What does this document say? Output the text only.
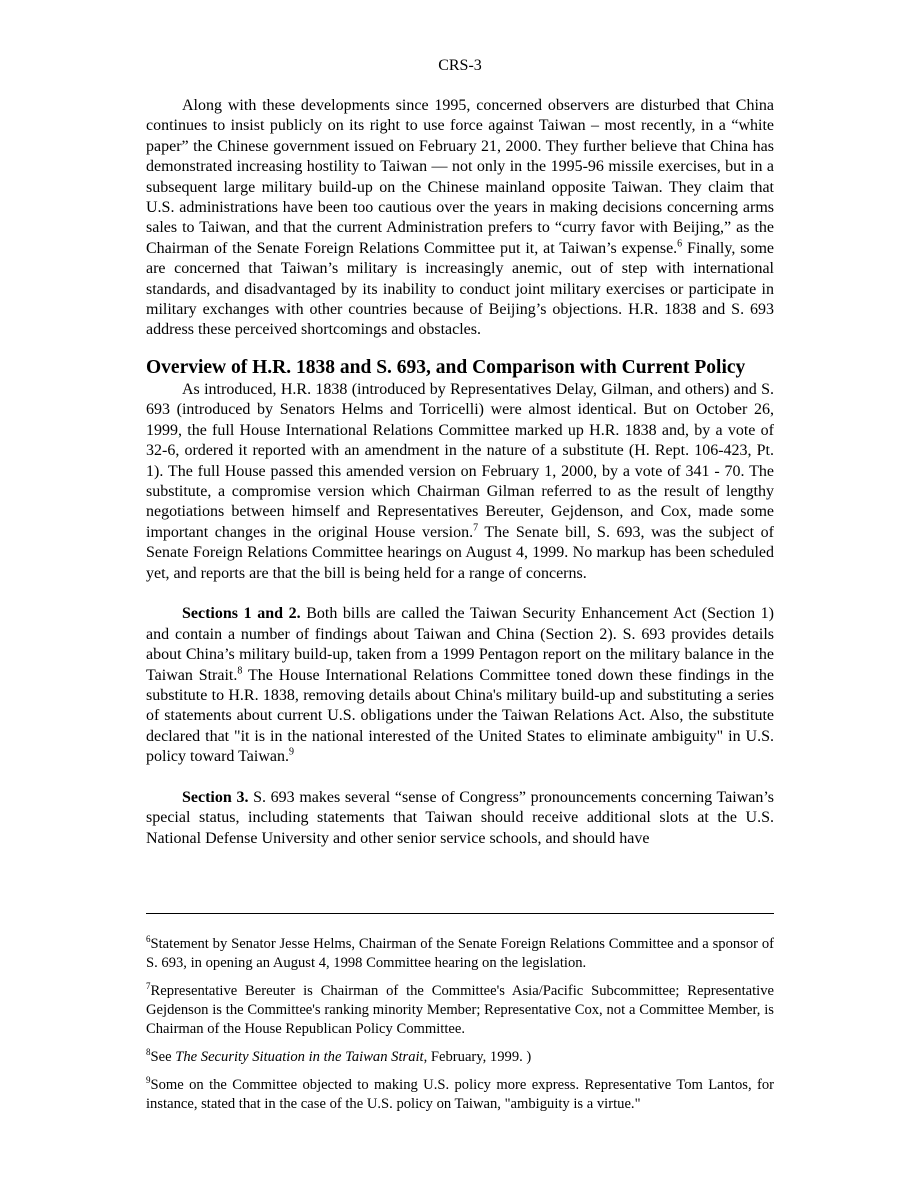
CRS-3

Along with these developments since 1995, concerned observers are disturbed that China continues to insist publicly on its right to use force against Taiwan – most recently, in a “white paper” the Chinese government issued on February 21, 2000. They further believe that China has demonstrated increasing hostility to Taiwan — not only in the 1995-96 missile exercises, but in a subsequent large military build-up on the Chinese mainland opposite Taiwan. They claim that U.S. administrations have been too cautious over the years in making decisions concerning arms sales to Taiwan, and that the current Administration prefers to “curry favor with Beijing,” as the Chairman of the Senate Foreign Relations Committee put it, at Taiwan’s expense.$^6$ Finally, some are concerned that Taiwan’s military is increasingly anemic, out of step with international standards, and disadvantaged by its inability to conduct joint military exercises or participate in military exchanges with other countries because of Beijing’s objections. H.R. 1838 and S. 693 address these perceived shortcomings and obstacles.

Overview of H.R. 1838 and S. 693, and Comparison with Current Policy

As introduced, H.R. 1838 (introduced by Representatives Delay, Gilman, and others) and S. 693 (introduced by Senators Helms and Torricelli) were almost identical. But on October 26, 1999, the full House International Relations Committee marked up H.R. 1838 and, by a vote of 32-6, ordered it reported with an amendment in the nature of a substitute (H. Rept. 106-423, Pt. 1). The full House passed this amended version on February 1, 2000, by a vote of 341 - 70. The substitute, a compromise version which Chairman Gilman referred to as the result of lengthy negotiations between himself and Representatives Bereuter, Gejdenson, and Cox, made some important changes in the original House version.$^7$ The Senate bill, S. 693, was the subject of Senate Foreign Relations Committee hearings on August 4, 1999. No markup has been scheduled yet, and reports are that the bill is being held for a range of concerns.

Sections 1 and 2. Both bills are called the Taiwan Security Enhancement Act (Section 1) and contain a number of findings about Taiwan and China (Section 2). S. 693 provides details about China’s military build-up, taken from a 1999 Pentagon report on the military balance in the Taiwan Strait.$^8$ The House International Relations Committee toned down these findings in the substitute to H.R. 1838, removing details about China's military build-up and substituting a series of statements about current U.S. obligations under the Taiwan Relations Act. Also, the substitute declared that "it is in the national interested of the United States to eliminate ambiguity" in U.S. policy toward Taiwan.$^9$

Section 3. S. 693 makes several “sense of Congress” pronouncements concerning Taiwan’s special status, including statements that Taiwan should receive additional slots at the U.S. National Defense University and other senior service schools, and should have

$^6$Statement by Senator Jesse Helms, Chairman of the Senate Foreign Relations Committee and a sponsor of S. 693, in opening an August 4, 1998 Committee hearing on the legislation.

$^7$Representative Bereuter is Chairman of the Committee's Asia/Pacific Subcommittee; Representative Gejdenson is the Committee's ranking minority Member; Representative Cox, not a Committee Member, is Chairman of the House Republican Policy Committee.

$^8$See The Security Situation in the Taiwan Strait, February, 1999. )

$^9$Some on the Committee objected to making U.S. policy more express. Representative Tom Lantos, for instance, stated that in the case of the U.S. policy on Taiwan, "ambiguity is a virtue."
